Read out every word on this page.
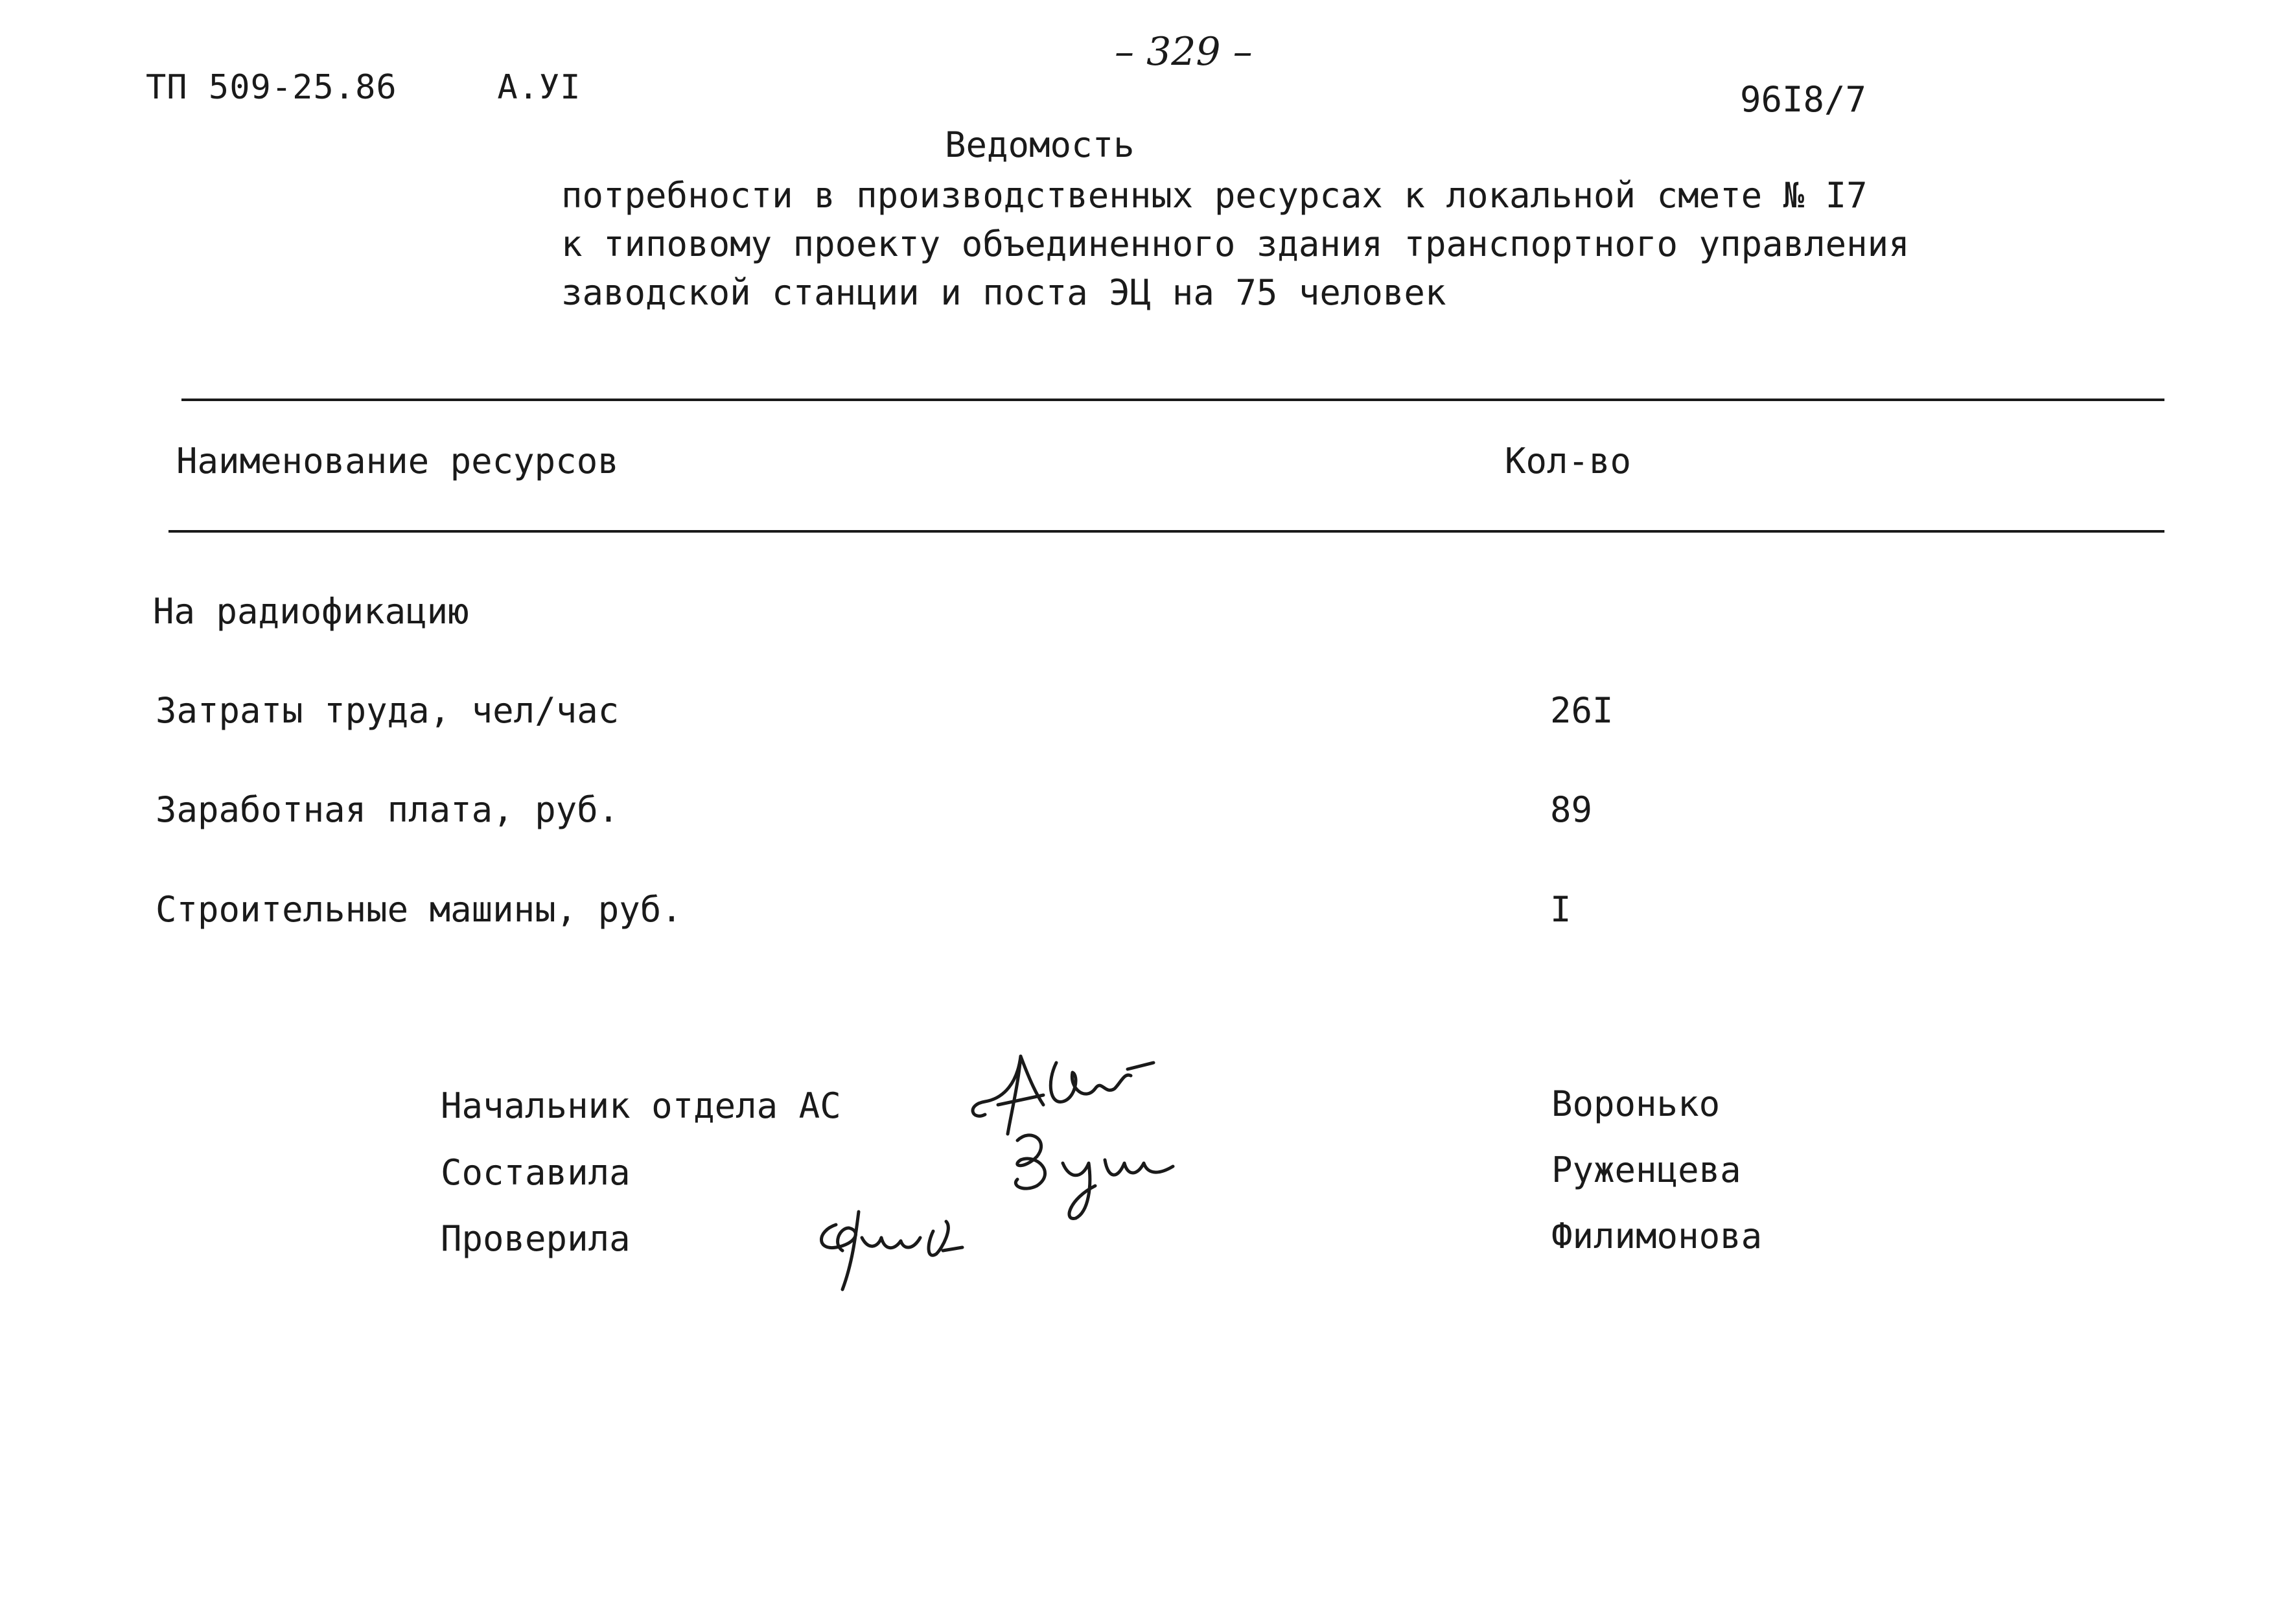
ТП 509-25.86	А.УI
– 329 –
96I8/7
Ведомость
потребности в производственных ресурсах к локальной смете № I7
к типовому проекту объединенного здания транспортного управления
заводской станции и поста ЭЦ на 75 человек
Наименование ресурсов	Кол-во
На радиофикацию
Затраты труда, чел/час	26I
Заработная плата, руб.	89
Строительные машины, руб.	I
Начальник отдела АС	Воронько
Составила	Руженцева
Проверила	Филимонова
